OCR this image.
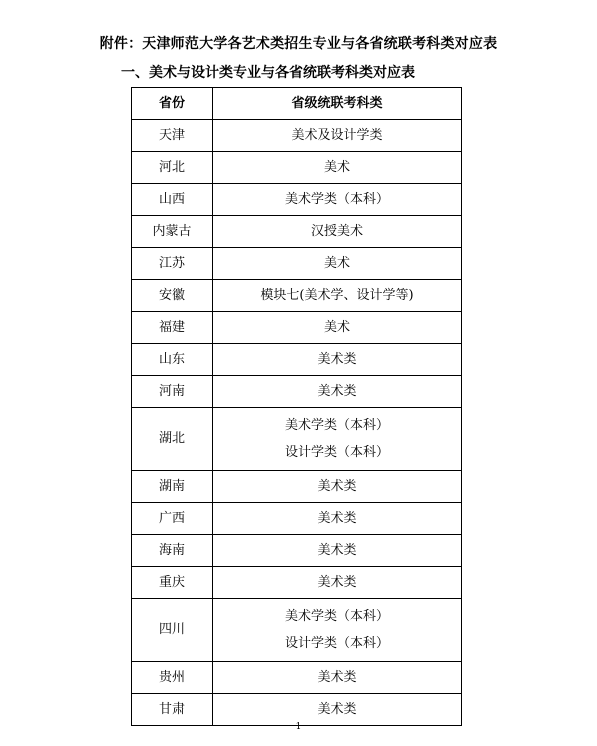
附件：天津师范大学各艺术类招生专业与各省统联考科类对应表
一、美术与设计类专业与各省统联考科类对应表
省份	省级统联考科类
天津	美术及设计学类

河北	美术

山西	美术学类（本科）

内蒙古	汉授美术

江苏	美术

安徽	模块七(美术学、设计学等)

福建	美术

山东	美术类

河南	美术类

湖北	美术学类（本科）
设计学类（本科）

湖南	美术类

广西	美术类

海南	美术类

重庆	美术类

四川	美术学类（本科）
设计学类（本科）

贵州	美术类

甘肃	美术类
1
